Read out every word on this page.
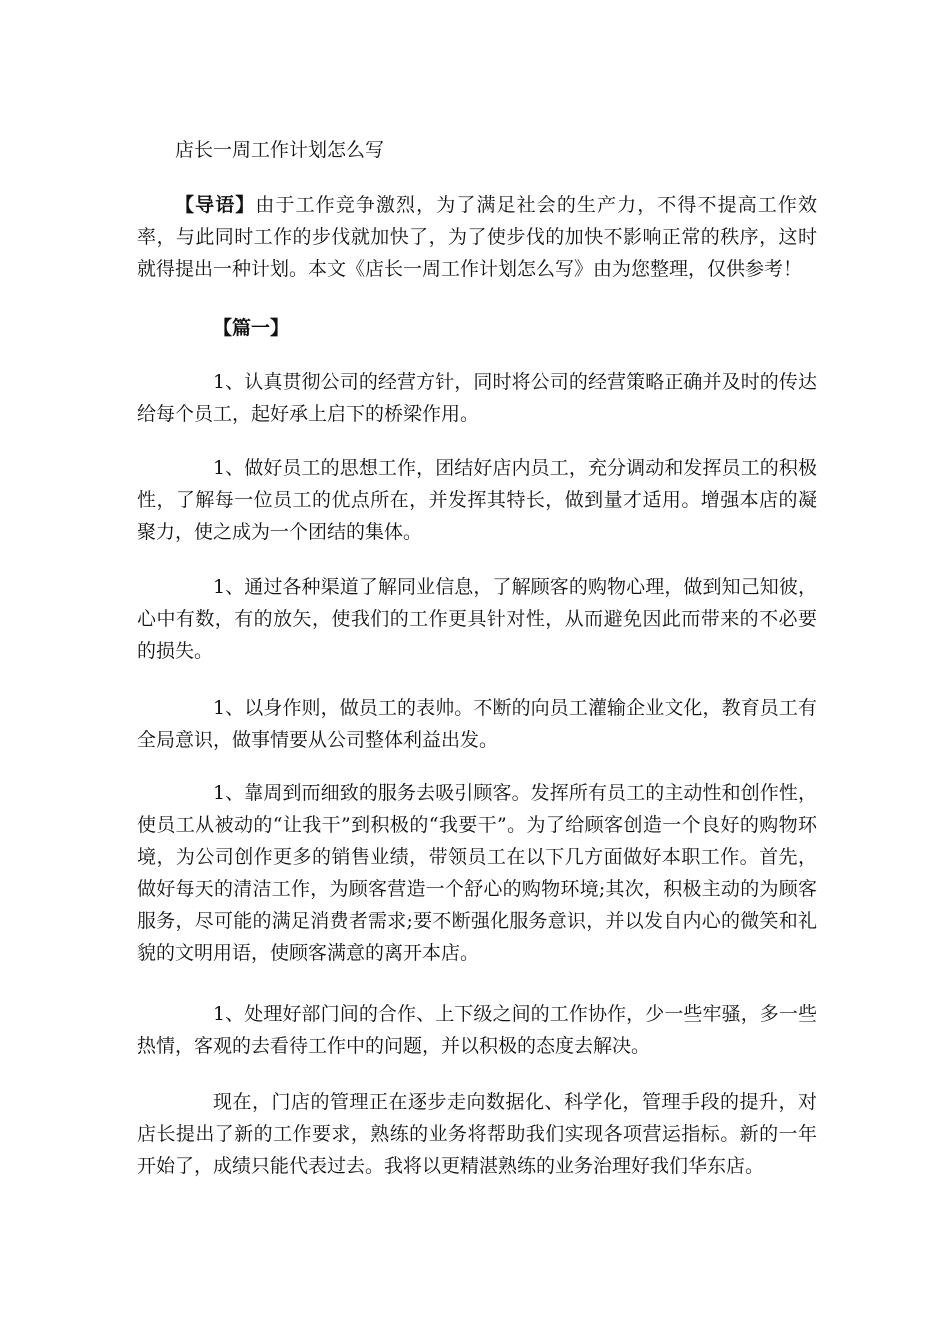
店长一周工作计划怎么写

【导语】由于工作竞争激烈，为了满足社会的生产力，不得不提高工作效率，与此同时工作的步伐就加快了，为了使步伐的加快不影响正常的秩序，这时就得提出一种计划。本文《店长一周工作计划怎么写》由为您整理，仅供参考！

【篇一】

1、认真贯彻公司的经营方针，同时将公司的经营策略正确并及时的传达给每个员工，起好承上启下的桥梁作用。

1、做好员工的思想工作，团结好店内员工，充分调动和发挥员工的积极性，了解每一位员工的优点所在，并发挥其特长，做到量才适用。增强本店的凝聚力，使之成为一个团结的集体。

1、通过各种渠道了解同业信息，了解顾客的购物心理，做到知己知彼，心中有数，有的放矢，使我们的工作更具针对性，从而避免因此而带来的不必要的损失。

1、以身作则，做员工的表帅。不断的向员工灌输企业文化，教育员工有全局意识，做事情要从公司整体利益出发。

1、靠周到而细致的服务去吸引顾客。发挥所有员工的主动性和创作性，使员工从被动的“让我干”到积极的“我要干”。为了给顾客创造一个良好的购物环境，为公司创作更多的销售业绩，带领员工在以下几方面做好本职工作。首先，做好每天的清洁工作，为顾客营造一个舒心的购物环境;其次，积极主动的为顾客服务，尽可能的满足消费者需求;要不断强化服务意识，并以发自内心的微笑和礼貌的文明用语，使顾客满意的离开本店。

1、处理好部门间的合作、上下级之间的工作协作，少一些牢骚，多一些热情，客观的去看待工作中的问题，并以积极的态度去解决。

现在，门店的管理正在逐步走向数据化、科学化，管理手段的提升，对店长提出了新的工作要求，熟练的业务将帮助我们实现各项营运指标。新的一年开始了，成绩只能代表过去。我将以更精湛熟练的业务治理好我们华东店。
